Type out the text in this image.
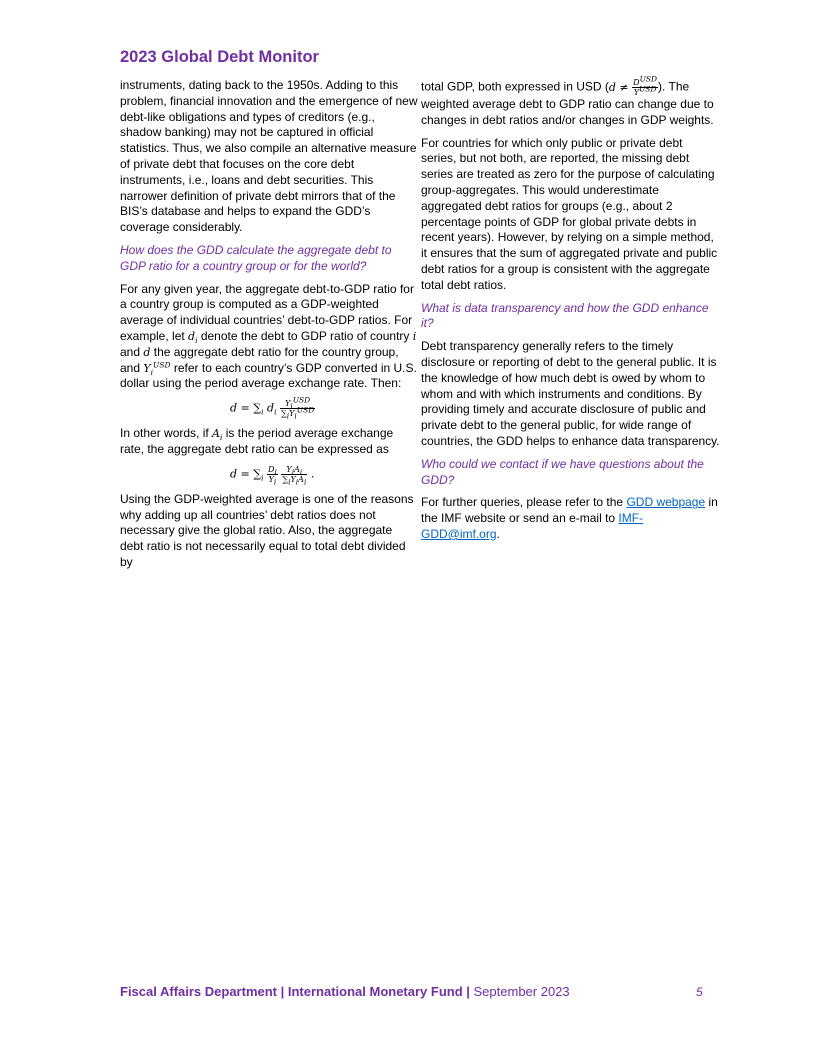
2023 Global Debt Monitor

instruments, dating back to the 1950s. Adding to this problem, financial innovation and the emergence of new debt-like obligations and types of creditors (e.g., shadow banking) may not be captured in official statistics. Thus, we also compile an alternative measure of private debt that focuses on the core debt instruments, i.e., loans and debt securities. This narrower definition of private debt mirrors that of the BIS’s database and helps to expand the GDD’s coverage considerably.

How does the GDD calculate the aggregate debt to GDP ratio for a country group or for the world?

For any given year, the aggregate debt-to-GDP ratio for a country group is computed as a GDP-weighted average of individual countries’ debt-to-GDP ratios. For example, let $d_i$ denote the debt to GDP ratio of country i and d the aggregate debt ratio for the country group, and $Y_i^{USD}$ refer to each country’s GDP converted in U.S. dollar using the period average exchange rate. Then:

$d = \sum_i$ $d_i \frac{Y_i^{USD}}{\sum_iY_i^{USD}}$

In other words, if $A_i$ is the period average exchange rate, the aggregate debt ratio can be expressed as

$d = \sum_i \frac{D_i}{Y_i}$
$\frac{Y_iA_i}{\sum_iY_iA_i}$ .

Using the GDP-weighted average is one of the reasons why adding up all countries’ debt ratios does not necessary give the global ratio. Also, the aggregate debt ratio is not necessarily equal to total debt divided by

total GDP, both expressed in USD ($d \ne \frac{D^{USD}}{Y^{USD}}$ ). The weighted average debt to GDP ratio can change due to changes in debt ratios and/or changes in GDP weights.

For countries for which only public or private debt series, but not both, are reported, the missing debt series are treated as zero for the purpose of calculating group-aggregates. This would underestimate aggregated debt ratios for groups (e.g., about 2 percentage points of GDP for global private debts in recent years). However, by relying on a simple method, it ensures that the sum of aggregated private and public debt ratios for a group is consistent with the aggregate total debt ratios.

What is data transparency and how the GDD enhance it?

Debt transparency generally refers to the timely disclosure or reporting of debt to the general public. It is the knowledge of how much debt is owed by whom to whom and with which instruments and conditions. By providing timely and accurate disclosure of public and private debt to the general public, for wide range of countries, the GDD helps to enhance data transparency.

Who could we contact if we have questions about the GDD?

For further queries, please refer to the GDD webpage in the IMF website or send an e-mail to IMF-GDD@imf.org.

Fiscal Affairs Department | International Monetary Fund | September 2023	5
